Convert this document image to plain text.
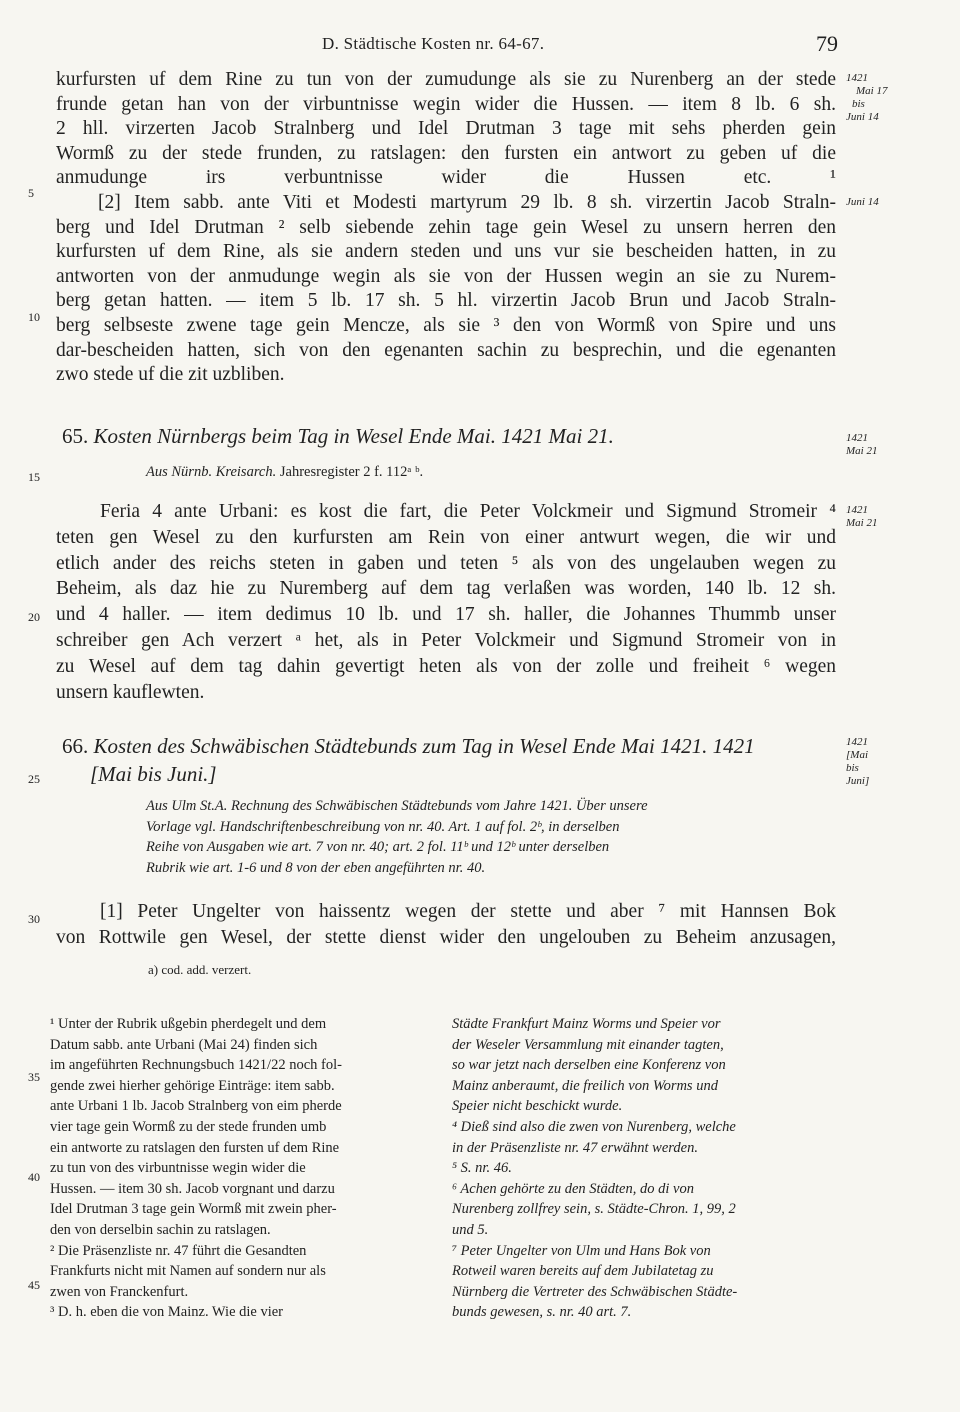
D. Städtische Kosten nr. 64-67.	79
kurfursten uf dem Rine zu tun von der zumudunge als sie zu Nurenberg an der stede
frunde getan han von der virbuntnisse wegin wider die Hussen. — item 8 lb. 6 sh.
2 hll. virzerten Jacob Stralnberg und Idel Drutman 3 tage mit sehs pherden gein
Wormß zu der stede frunden, zu ratslagen: den fursten ein antwort zu geben uf die
anmudunge irs verbuntnisse wider die Hussen etc. ¹
[2] Item sabb. ante Viti et Modesti martyrum 29 lb. 8 sh. virzertin Jacob Straln-
berg und Idel Drutman ² selb siebende zehin tage gein Wesel zu unsern herren den
kurfursten uf dem Rine, als sie andern steden und uns vur sie bescheiden hatten, in zu
antworten von der anmudunge wegin als sie von der Hussen wegin an sie zu Nurem-
berg getan hatten. — item 5 lb. 17 sh. 5 hl. virzertin Jacob Brun und Jacob Straln-
berg selbseste zwene tage gein Mencze, als sie ³ den von Wormß von Spire und uns
dar-bescheiden hatten, sich von den egenanten sachin zu besprechin, und die egenanten
zwo stede uf die zit uzbliben.
1421
Mai 17
bis
Juni 14
Juni 14
65. Kosten Nürnbergs beim Tag in Wesel Ende Mai. 1421 Mai 21.	1421
Mai 21
Aus Nürnb. Kreisarch. Jahresregister 2 f. 112ᵃ ᵇ.
1421
Mai 21
Feria 4 ante Urbani: es kost die fart, die Peter Volckmeir und Sigmund Stromeir ⁴
teten gen Wesel zu den kurfursten am Rein von einer antwurt wegen, die wir und
etlich ander des reichs steten in gaben und teten ⁵ als von des ungelauben wegen zu
Beheim, als daz hie zu Nuremberg auf dem tag verlaßen was worden, 140 lb. 12 sh.
und 4 haller. — item dedimus 10 lb. und 17 sh. haller, die Johannes Thummb unser
schreiber gen Ach verzert ᵃ het, als in Peter Volckmeir und Sigmund Stromeir von in
zu Wesel auf dem tag dahin gevertigt heten als von der zolle und freiheit ⁶ wegen
unsern kauflewten.
66. Kosten des Schwäbischen Städtebunds zum Tag in Wesel Ende Mai 1421. 1421
[Mai bis Juni.]
1421
[Mai
bis
Juni]
Aus Ulm St.A. Rechnung des Schwäbischen Städtebunds vom Jahre 1421. Über unsere
Vorlage vgl. Handschriftenbeschreibung von nr. 40. Art. 1 auf fol. 2ᵇ, in derselben
Reihe von Ausgaben wie art. 7 von nr. 40; art. 2 fol. 11ᵇ und 12ᵇ unter derselben
Rubrik wie art. 1-6 und 8 von der eben angeführten nr. 40.
[1] Peter Ungelter von haissentz wegen der stette und aber ⁷ mit Hannsen Bok
von Rottwile gen Wesel, der stette dienst wider den ungelouben zu Beheim anzusagen,
a) cod. add. verzert.
5
10
15
20
25
30
35
40
45
¹ Unter der Rubrik ußgebin pherdegelt und dem
Datum sabb. ante Urbani (Mai 24) finden sich
im angeführten Rechnungsbuch 1421/22 noch fol-
gende zwei hierher gehörige Einträge: item sabb.
ante Urbani 1 lb. Jacob Stralnberg von eim pherde
vier tage gein Wormß zu der stede frunden umb
ein antworte zu ratslagen den fursten uf dem Rine
zu tun von des virbuntnisse wegin wider die
Hussen. — item 30 sh. Jacob vorgnant und darzu
Idel Drutman 3 tage gein Wormß mit zwein pher-
den von derselbin sachin zu ratslagen.
² Die Präsenzliste nr. 47 führt die Gesandten
Frankfurts nicht mit Namen auf sondern nur als
zwen von Franckenfurt.
³ D. h. eben die von Mainz. Wie die vier
Städte Frankfurt Mainz Worms und Speier vor
der Weseler Versammlung mit einander tagten,
so war jetzt nach derselben eine Konferenz von
Mainz anberaumt, die freilich von Worms und
Speier nicht beschickt wurde.
⁴ Dieß sind also die zwen von Nurenberg, welche
in der Präsenzliste nr. 47 erwähnt werden.
⁵ S. nr. 46.
⁶ Achen gehörte zu den Städten, do di von
Nurenberg zollfrey sein, s. Städte-Chron. 1, 99, 2
und 5.
⁷ Peter Ungelter von Ulm und Hans Bok von
Rotweil waren bereits auf dem Jubilatetag zu
Nürnberg die Vertreter des Schwäbischen Städte-
bunds gewesen, s. nr. 40 art. 7.
